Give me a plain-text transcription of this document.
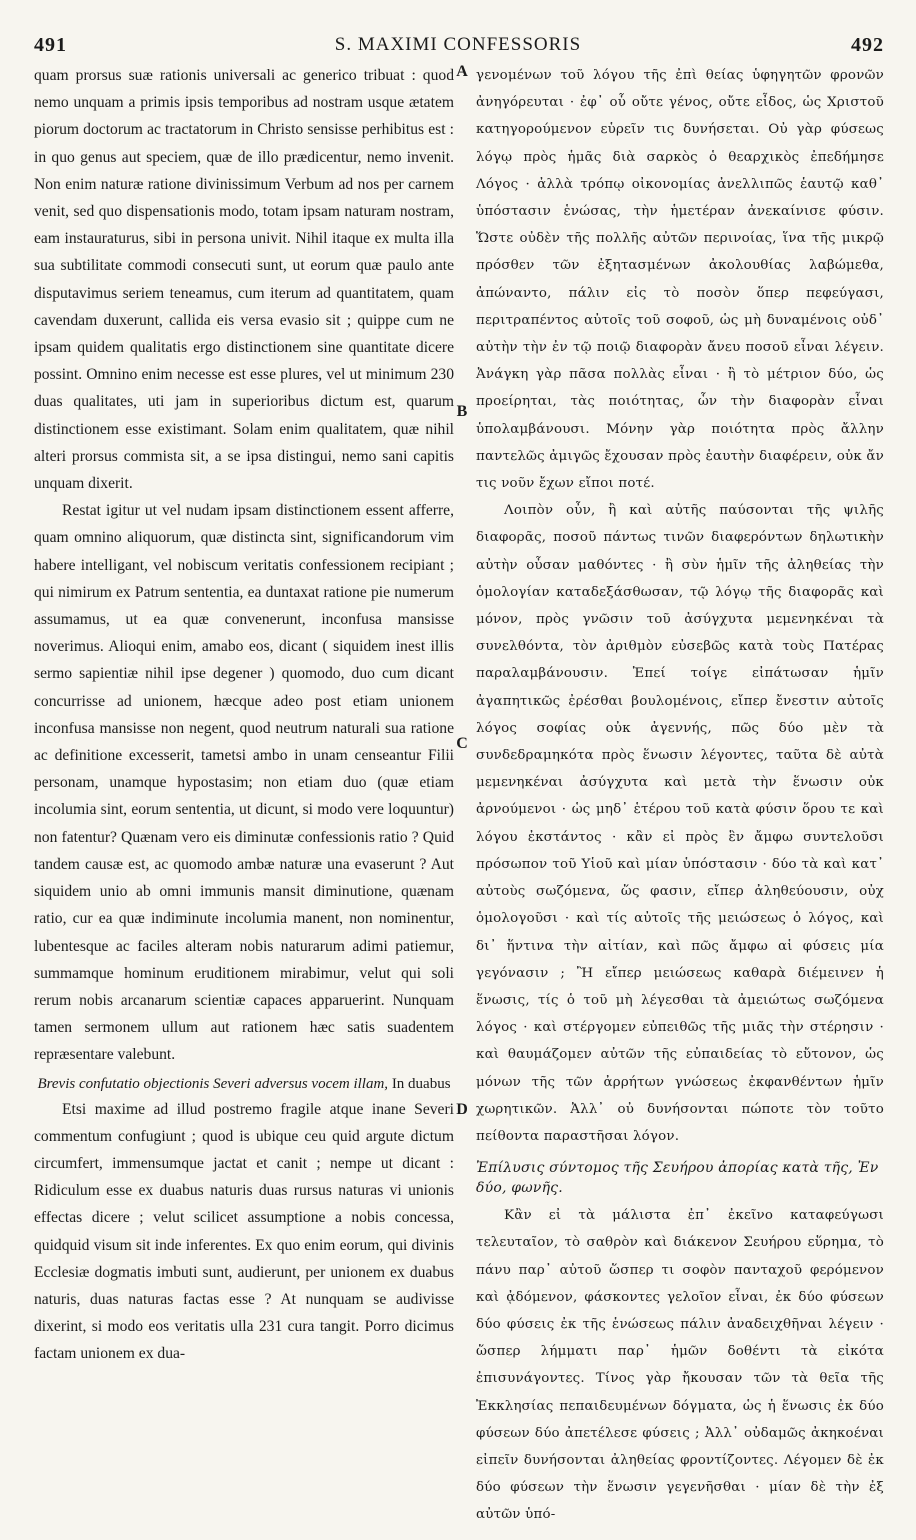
491	S. MAXIMI CONFESSORIS	492

quam prorsus suæ rationis universali ac generico tribuat : quod nemo unquam a primis ipsis temporibus ad nostram usque ætatem piorum doctorum ac tractatorum in Christo sensisse perhibitus est : in quo genus aut speciem, quæ de illo prædicentur, nemo invenit. Non enim naturæ ratione divinissimum Verbum ad nos per carnem venit, sed quo dispensationis modo, totam ipsam naturam nostram, eam instauraturus, sibi in persona univit. Nihil itaque ex multa illa sua subtilitate commodi consecuti sunt, ut eorum quæ paulo ante disputavimus seriem teneamus, cum iterum ad quantitatem, quam cavendam duxerunt, callida eis versa evasio sit ; quippe cum ne ipsam quidem qualitatis ergo distinctionem sine quantitate dicere possint. Omnino enim necesse est esse plures, vel ut minimum 230 duas qualitates, uti jam in superioribus dictum est, quarum distinctionem esse existimant. Solam enim qualitatem, quæ nihil alteri prorsus commista sit, a se ipsa distingui, nemo sani capitis unquam dixerit.

Restat igitur ut vel nudam ipsam distinctionem essent afferre, quam omnino aliquorum, quæ distincta sint, significandorum vim habere intelligant, vel nobiscum veritatis confessionem recipiant ; qui nimirum ex Patrum sententia, ea duntaxat ratione pie numerum assumamus, ut ea quæ convenerunt, inconfusa mansisse noverimus. Alioqui enim, amabo eos, dicant ( siquidem inest illis sermo sapientiæ nihil ipse degener ) quomodo, duo cum dicant concurrisse ad unionem, hæcque adeo post etiam unionem inconfusa mansisse non negent, quod neutrum naturali sua ratione ac definitione excesserit, tametsi ambo in unam censeantur Filii personam, unamque hypostasim; non etiam duo (quæ etiam incolumia sint, eorum sententia, ut dicunt, si modo vere loquuntur) non fatentur? Quænam vero eis diminutæ confessionis ratio ? Quid tandem causæ est, ac quomodo ambæ naturæ una evaserunt ? Aut siquidem unio ab omni immunis mansit diminutione, quænam ratio, cur ea quæ indiminute incolumia manent, non nominentur, lubentesque ac faciles alteram nobis naturarum adimi patiemur, summamque hominum eruditionem mirabimur, velut qui soli rerum nobis arcanarum scientiæ capaces apparuerint. Nunquam tamen sermonem ullum aut rationem hæc satis suadentem repræsentare valebunt.

Brevis confutatio objectionis Severi adversus vocem illam, In duabus

Etsi maxime ad illud postremo fragile atque inane Severi commentum confugiunt ; quod is ubique ceu quid argute dictum circumfert, immensumque jactat et canit ; nempe ut dicant : Ridiculum esse ex duabus naturis duas rursus naturas vi unionis effectas dicere ; velut scilicet assumptione a nobis concessa, quidquid visum sit inde inferentes. Ex quo enim eorum, qui divinis Ecclesiæ dogmatis imbuti sunt, audierunt, per unionem ex duabus naturis, duas naturas factas esse ? At nunquam se audivisse dixerint, si modo eos veritatis ulla 231 cura tangit. Porro dicimus factam unionem ex dua-

A
B
C
D

γενομένων τοῦ λόγου τῆς ἐπὶ θείας ὑφηγητῶν φρονῶν ἀνηγόρευται · ἐφ᾽ οὗ οὔτε γένος, οὔτε εἶδος, ὡς Χριστοῦ κατηγορούμενον εὑρεῖν τις δυνήσεται. Οὐ γὰρ φύσεως λόγῳ πρὸς ἡμᾶς διὰ σαρκὸς ὁ θεαρχικὸς ἐπεδήμησε Λόγος · ἀλλὰ τρόπῳ οἰκονομίας ἀνελλιπῶς ἑαυτῷ καθ᾽ ὑπόστασιν ἑνώσας, τὴν ἡμετέραν ἀνεκαίνισε φύσιν. Ὥστε οὐδὲν τῆς πολλῆς αὐτῶν περινοίας, ἵνα τῆς μικρῷ πρόσθεν τῶν ἐξητασμένων ἀκολουθίας λαβώμεθα, ἀπώναντο, πάλιν εἰς τὸ ποσὸν ὅπερ πεφεύγασι, περιτραπέντος αὐτοῖς τοῦ σοφοῦ, ὡς μὴ δυναμένοις οὐδ᾽ αὐτὴν τὴν ἐν τῷ ποιῷ διαφορὰν ἄνευ ποσοῦ εἶναι λέγειν. Ἀνάγκη γὰρ πᾶσα πολλὰς εἶναι · ἢ τὸ μέτριον δύο, ὡς προείρηται, τὰς ποιότητας, ὧν τὴν διαφορὰν εἶναι ὑπολαμβάνουσι. Μόνην γὰρ ποιότητα πρὸς ἄλλην παντελῶς ἀμιγῶς ἔχουσαν πρὸς ἑαυτὴν διαφέρειν, οὐκ ἄν τις νοῦν ἔχων εἴποι ποτέ.

Λοιπὸν οὖν, ἢ καὶ αὐτῆς παύσονται τῆς ψιλῆς διαφορᾶς, ποσοῦ πάντως τινῶν διαφερόντων δηλωτικὴν αὐτὴν οὖσαν μαθόντες · ἢ σὺν ἡμῖν τῆς ἀληθείας τὴν ὁμολογίαν καταδεξάσθωσαν, τῷ λόγῳ τῆς διαφορᾶς καὶ μόνον, πρὸς γνῶσιν τοῦ ἀσύγχυτα μεμενηκέναι τὰ συνελθόντα, τὸν ἀριθμὸν εὐσεβῶς κατὰ τοὺς Πατέρας παραλαμβάνουσιν. Ἐπεί τοίγε εἰπάτωσαν ἡμῖν ἀγαπητικῶς ἐρέσθαι βουλομένοις, εἴπερ ἔνεστιν αὐτοῖς λόγος σοφίας οὐκ ἀγεννής, πῶς δύο μὲν τὰ συνδεδραμηκότα πρὸς ἕνωσιν λέγοντες, ταῦτα δὲ αὐτὰ μεμενηκέναι ἀσύγχυτα καὶ μετὰ τὴν ἕνωσιν οὐκ ἀρνούμενοι · ὡς μηδ᾽ ἑτέρου τοῦ κατὰ φύσιν ὅρου τε καὶ λόγου ἐκστάντος · κἂν εἰ πρὸς ἓν ἄμφω συντελοῦσι πρόσωπον τοῦ Υἱοῦ καὶ μίαν ὑπόστασιν · δύο τὰ καὶ κατ᾽ αὐτοὺς σωζόμενα, ὥς φασιν, εἴπερ ἀληθεύουσιν, οὐχ ὁμολογοῦσι · καὶ τίς αὐτοῖς τῆς μειώσεως ὁ λόγος, καὶ δι᾽ ἥντινα τὴν αἰτίαν, καὶ πῶς ἄμφω αἱ φύσεις μία γεγόνασιν ; Ἢ εἴπερ μειώσεως καθαρὰ διέμεινεν ἡ ἕνωσις, τίς ὁ τοῦ μὴ λέγεσθαι τὰ ἀμειώτως σωζόμενα λόγος · καὶ στέργομεν εὐπειθῶς τῆς μιᾶς τὴν στέρησιν · καὶ θαυμάζομεν αὐτῶν τῆς εὐπαιδείας τὸ εὔτονον, ὡς μόνων τῆς τῶν ἀρρήτων γνώσεως ἐκφανθέντων ἡμῖν χωρητικῶν. Ἀλλ᾽ οὐ δυνήσονται πώποτε τὸν τοῦτο πείθοντα παραστῆσαι λόγον.

Ἐπίλυσις σύντομος τῆς Σευήρου ἀπορίας κατὰ τῆς, Ἐν δύο, φωνῆς.

Κἂν εἰ τὰ μάλιστα ἐπ᾽ ἐκεῖνο καταφεύγωσι τελευταῖον, τὸ σαθρὸν καὶ διάκενον Σευήρου εὕρημα, τὸ πάνυ παρ᾽ αὐτοῦ ὥσπερ τι σοφὸν πανταχοῦ φερόμενον καὶ ᾀδόμενον, φάσκοντες γελοῖον εἶναι, ἐκ δύο φύσεων δύο φύσεις ἐκ τῆς ἑνώσεως πάλιν ἀναδειχθῆναι λέγειν · ὥσπερ λήμματι παρ᾽ ἡμῶν δοθέντι τὰ εἰκότα ἐπισυνάγοντες. Τίνος γὰρ ἤκουσαν τῶν τὰ θεῖα τῆς Ἐκκλησίας πεπαιδευμένων δόγματα, ὡς ἡ ἕνωσις ἐκ δύο φύσεων δύο ἀπετέλεσε φύσεις ; Ἀλλ᾽ οὐδαμῶς ἀκηκοέναι εἰπεῖν δυνήσονται ἀληθείας φροντίζοντες. Λέγομεν δὲ ἐκ δύο φύσεων τὴν ἕνωσιν γεγενῆσθαι · μίαν δὲ τὴν ἐξ αὐτῶν ὑπό-
